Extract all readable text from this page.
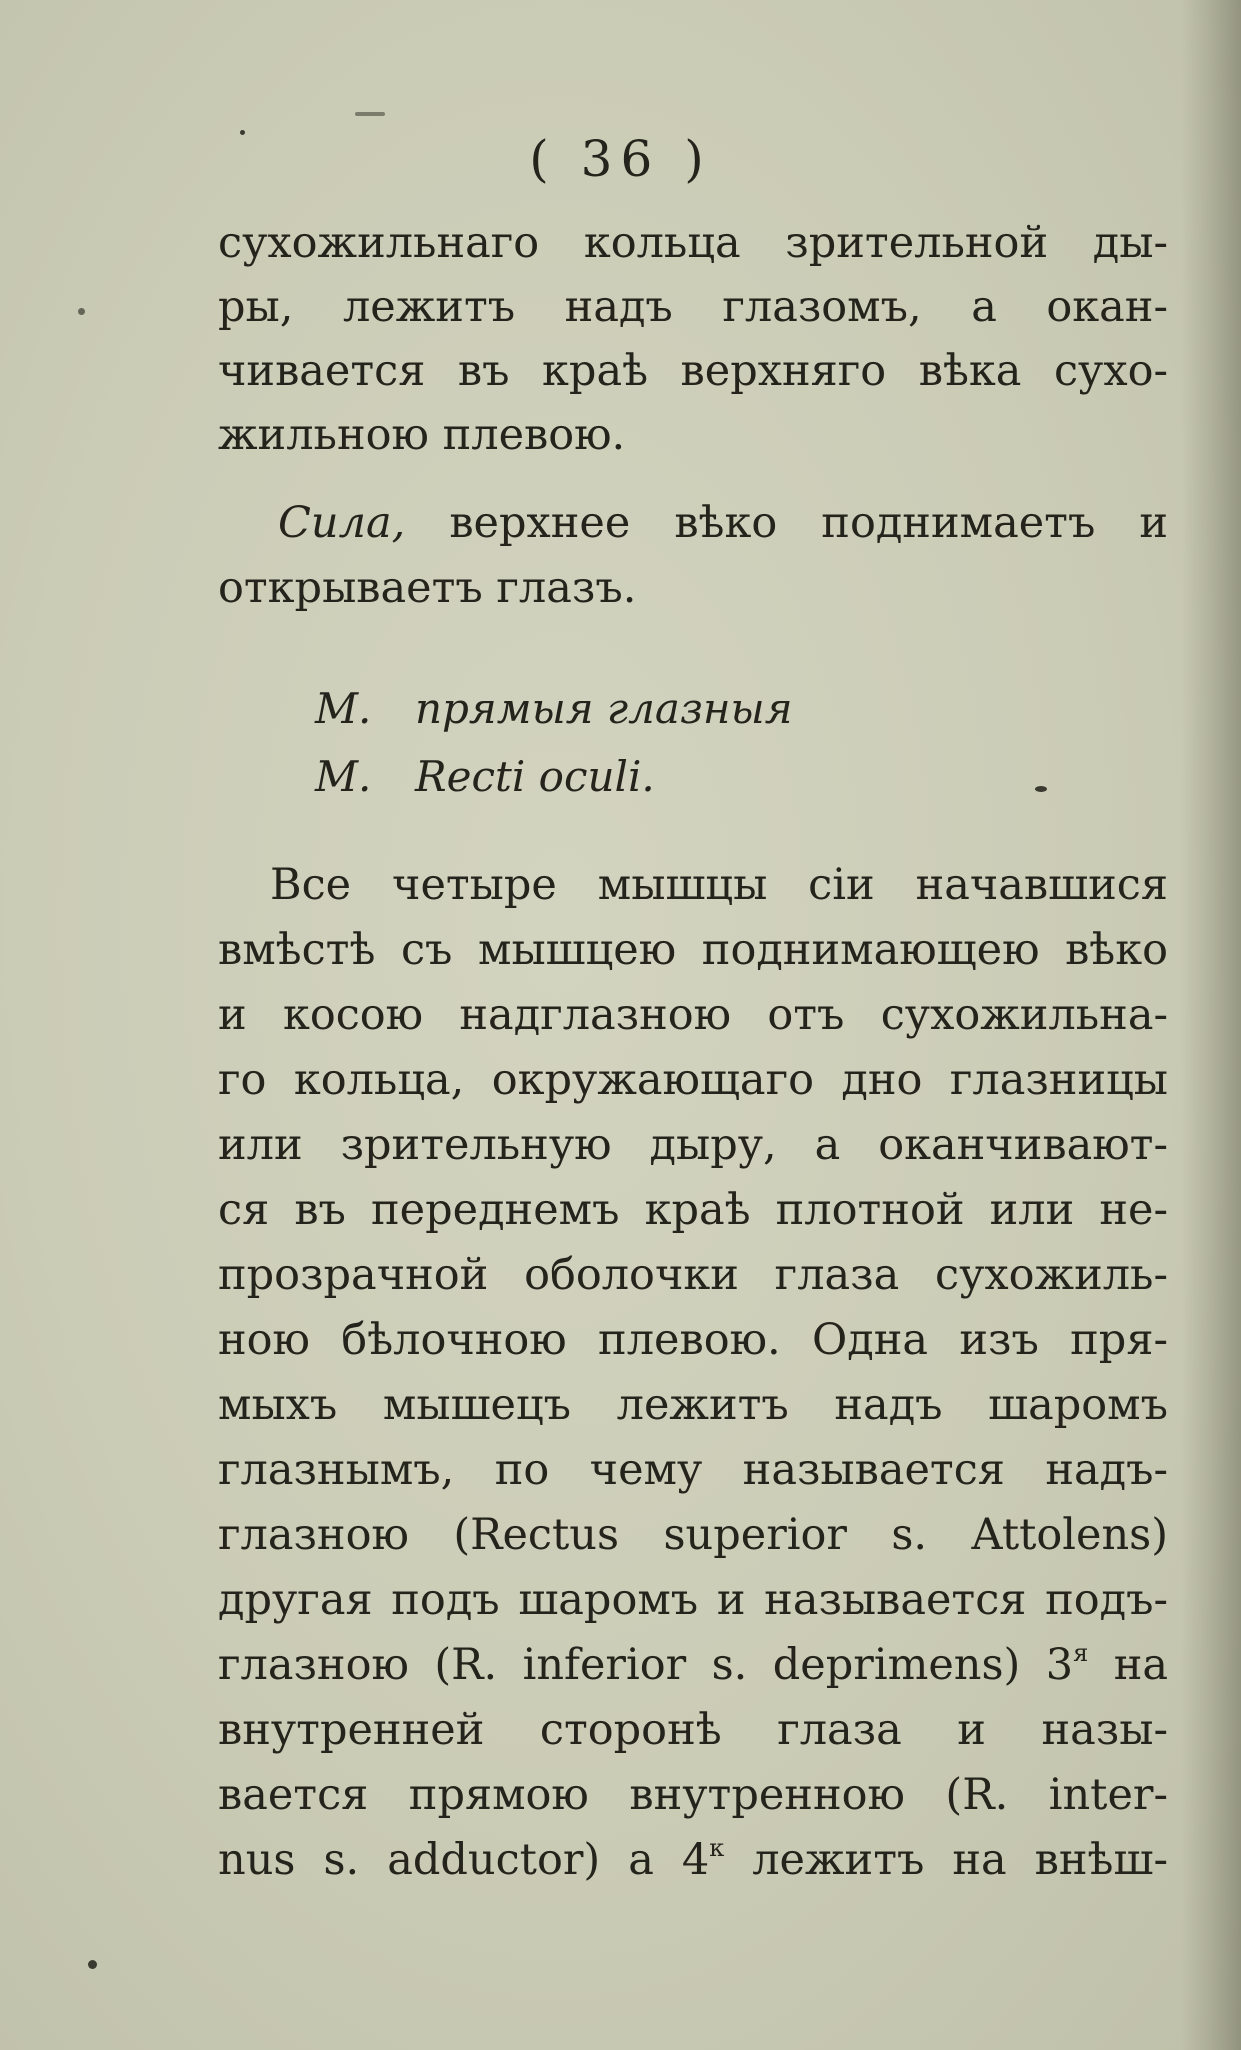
( 36 )
сухожильнаго кольца зрительной ды-
ры, лежитъ надъ глазомъ, а окан-
чивается въ краѣ верхняго вѣка сухо-
жильною плевою.
Сила, верхнее вѣко поднимаетъ и
открываетъ глазъ.
М. прямыя глазныя
M. Recti oculi.
Все четыре мышцы сіи начавшися
вмѣстѣ съ мышцею поднимающею вѣко
и косою надглазною отъ сухожильна-
го кольца, окружающаго дно глазницы
или зрительную дыру, а оканчивают-
ся въ переднемъ краѣ плотной или не-
прозрачной оболочки глаза сухожиль-
ною бѣлочною плевою. Одна изъ пря-
мыхъ мышецъ лежитъ надъ шаромъ
глазнымъ, по чему называется надъ-
глазною (Rectus superior s. Attolens)
другая подъ шаромъ и называется подъ-
глазною (R. inferior s. deprimens) $3^я$ на
внутренней сторонѣ глаза и назы-
вается прямою внутренною (R. inter-
nus s. adductor) а $4^к$ лежитъ на внѣш-
